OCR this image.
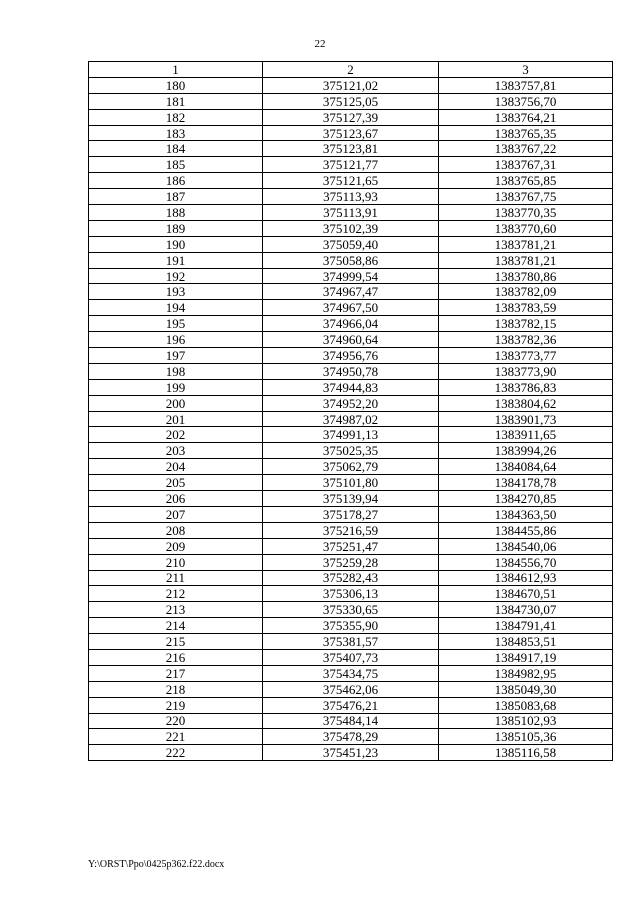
22
1	2	3
180	375121,02	1383757,81
181	375125,05	1383756,70
182	375127,39	1383764,21
183	375123,67	1383765,35
184	375123,81	1383767,22
185	375121,77	1383767,31
186	375121,65	1383765,85
187	375113,93	1383767,75
188	375113,91	1383770,35
189	375102,39	1383770,60
190	375059,40	1383781,21
191	375058,86	1383781,21
192	374999,54	1383780,86
193	374967,47	1383782,09
194	374967,50	1383783,59
195	374966,04	1383782,15
196	374960,64	1383782,36
197	374956,76	1383773,77
198	374950,78	1383773,90
199	374944,83	1383786,83
200	374952,20	1383804,62
201	374987,02	1383901,73
202	374991,13	1383911,65
203	375025,35	1383994,26
204	375062,79	1384084,64
205	375101,80	1384178,78
206	375139,94	1384270,85
207	375178,27	1384363,50
208	375216,59	1384455,86
209	375251,47	1384540,06
210	375259,28	1384556,70
211	375282,43	1384612,93
212	375306,13	1384670,51
213	375330,65	1384730,07
214	375355,90	1384791,41
215	375381,57	1384853,51
216	375407,73	1384917,19
217	375434,75	1384982,95
218	375462,06	1385049,30
219	375476,21	1385083,68
220	375484,14	1385102,93
221	375478,29	1385105,36
222	375451,23	1385116,58
Y:\ORST\Ppo\0425p362.f22.docx
